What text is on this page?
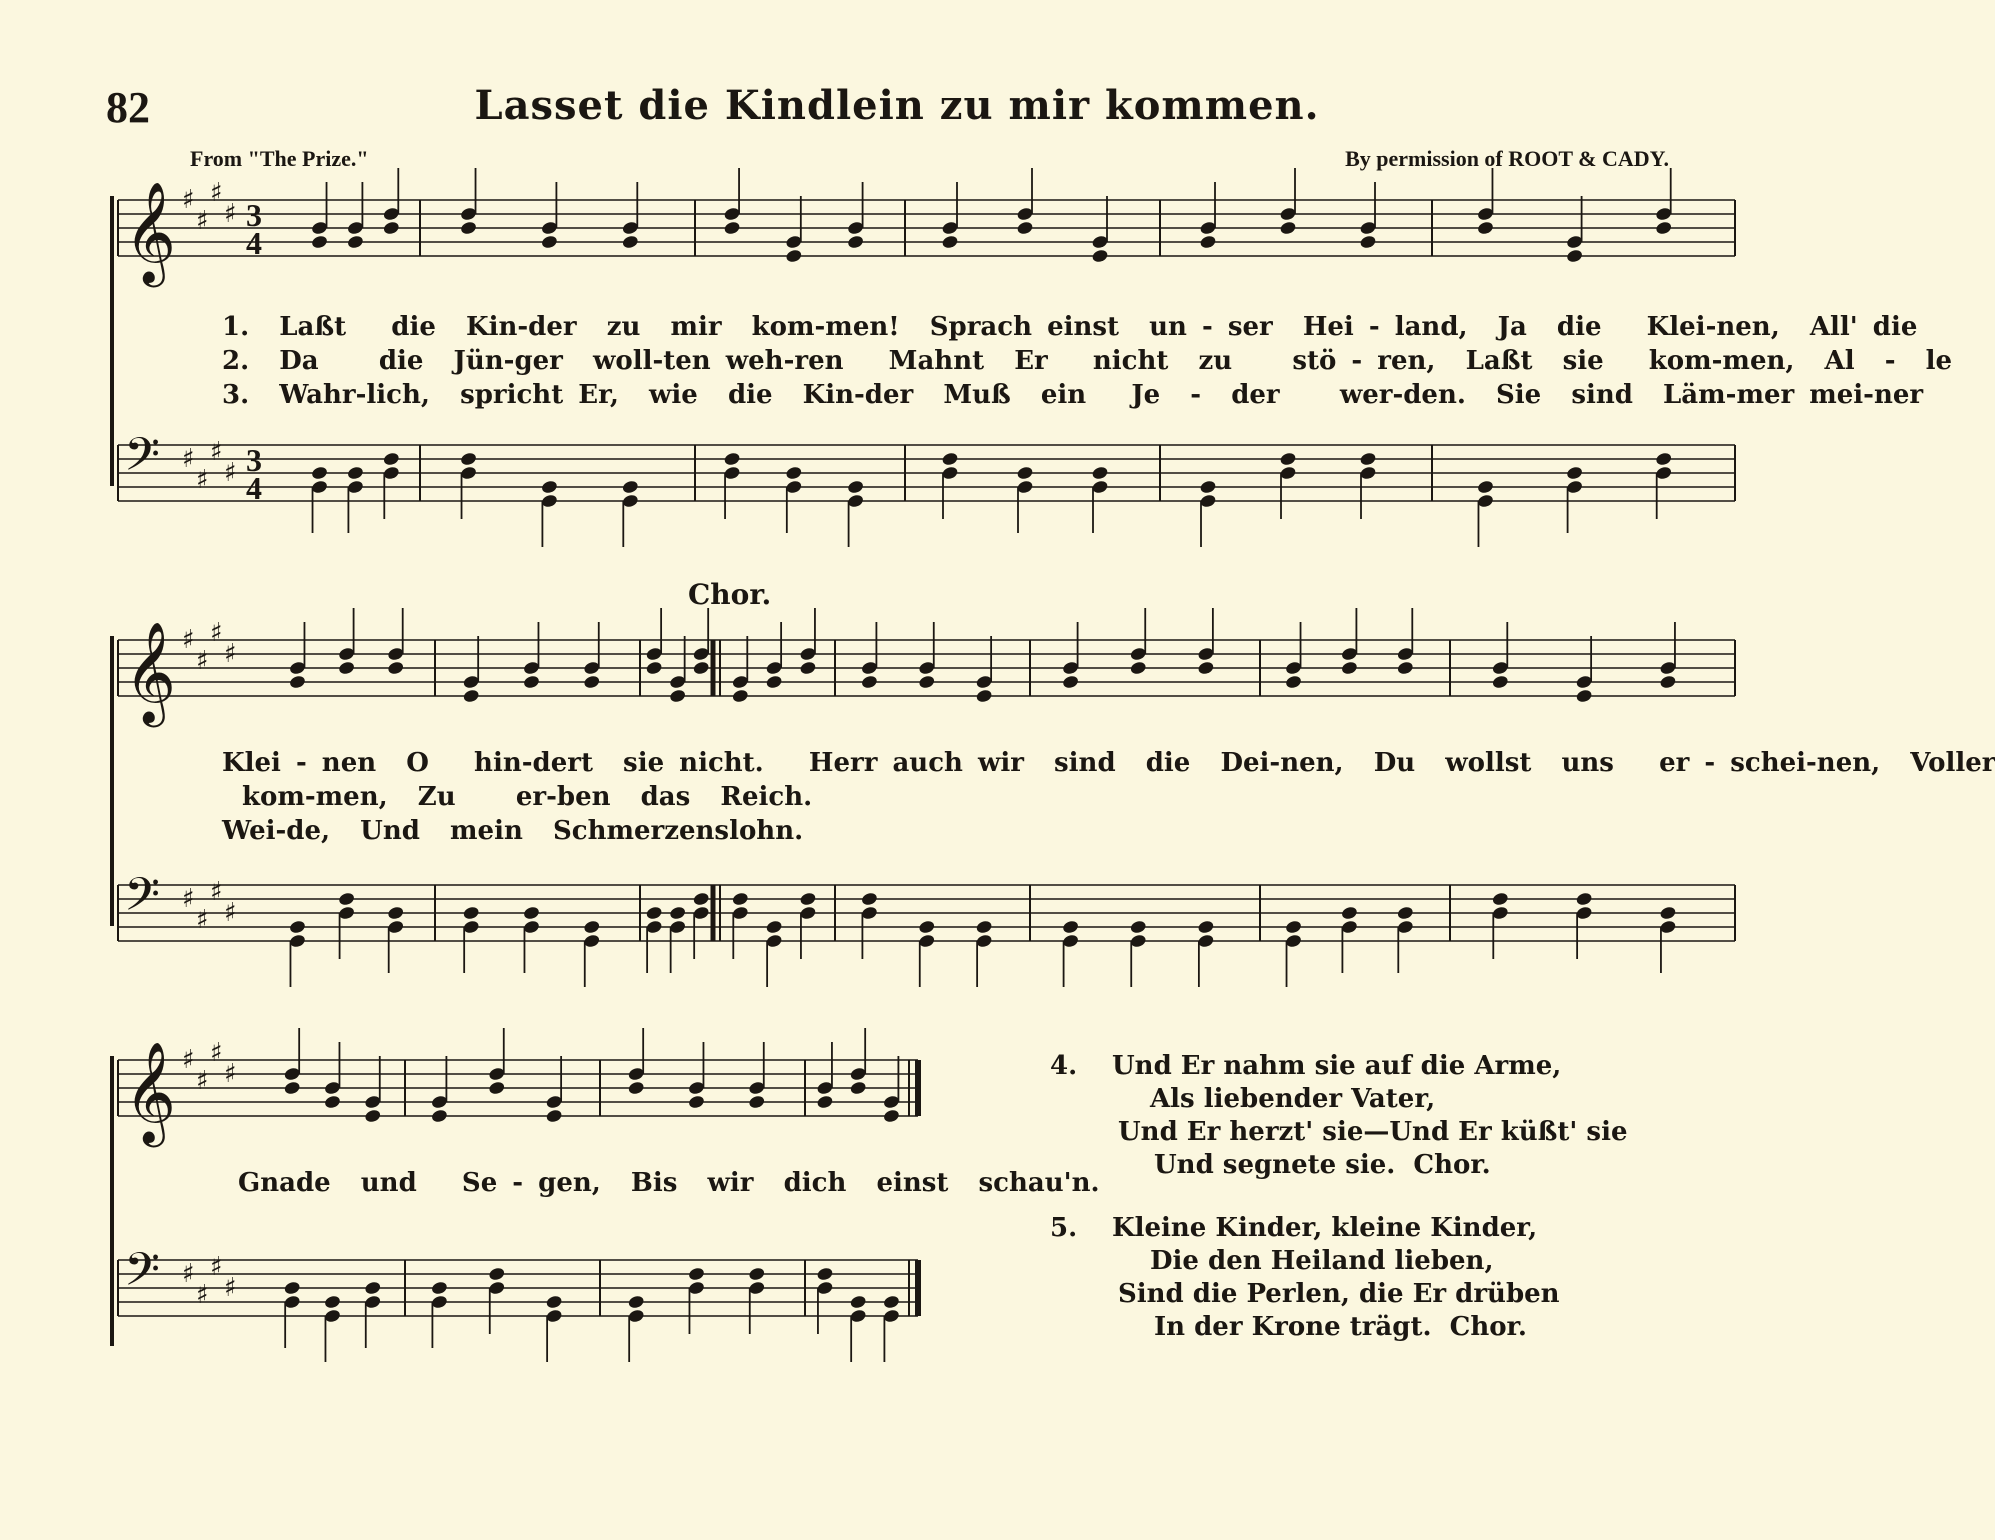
82	Lasset die Kindlein zu mir kommen.
From "The Prize."	By permission of ROOT & CADY.
𝄞 ♯
♯
♯
♯ 3
4
1.  Laßt   die  Kin-der  zu  mir  kom-men!  Sprach einst  un - ser  Hei - land,  Ja  die   Klei-nen,  All' die
2.  Da    die  Jün-ger  woll-ten weh-ren   Mahnt  Er   nicht  zu    stö - ren,  Laßt  sie   kom-men,  Al  -  le
3.  Wahr-lich,  spricht Er,  wie  die  Kin-der  Muß  ein   Je  -  der    wer-den.  Sie  sind  Läm-mer mei-ner
𝄢 ♯
♯
♯
♯ 3
4
Chor.
𝄞 ♯
♯
♯
♯
Klei - nen  O   hin-dert  sie nicht.   Herr auch wir  sind  die  Dei-nen,  Du  wollst  uns   er - schei-nen,  Voller
kom-men,  Zu    er-ben  das  Reich.
Wei-de,  Und  mein  Schmerzenslohn.
𝄢 ♯
♯
♯
♯
𝄞 ♯
♯
♯
♯
Gnade  und   Se - gen,  Bis  wir  dich  einst  schau'n.
𝄢 ♯
♯
♯
♯
4. Und Er nahm sie auf die Arme,
Als liebender Vater,
Und Er herzt' sie—Und Er küßt' sie
Und segnete sie.  Chor.
5. Kleine Kinder, kleine Kinder,
Die den Heiland lieben,
Sind die Perlen, die Er drüben
In der Krone trägt.  Chor.
